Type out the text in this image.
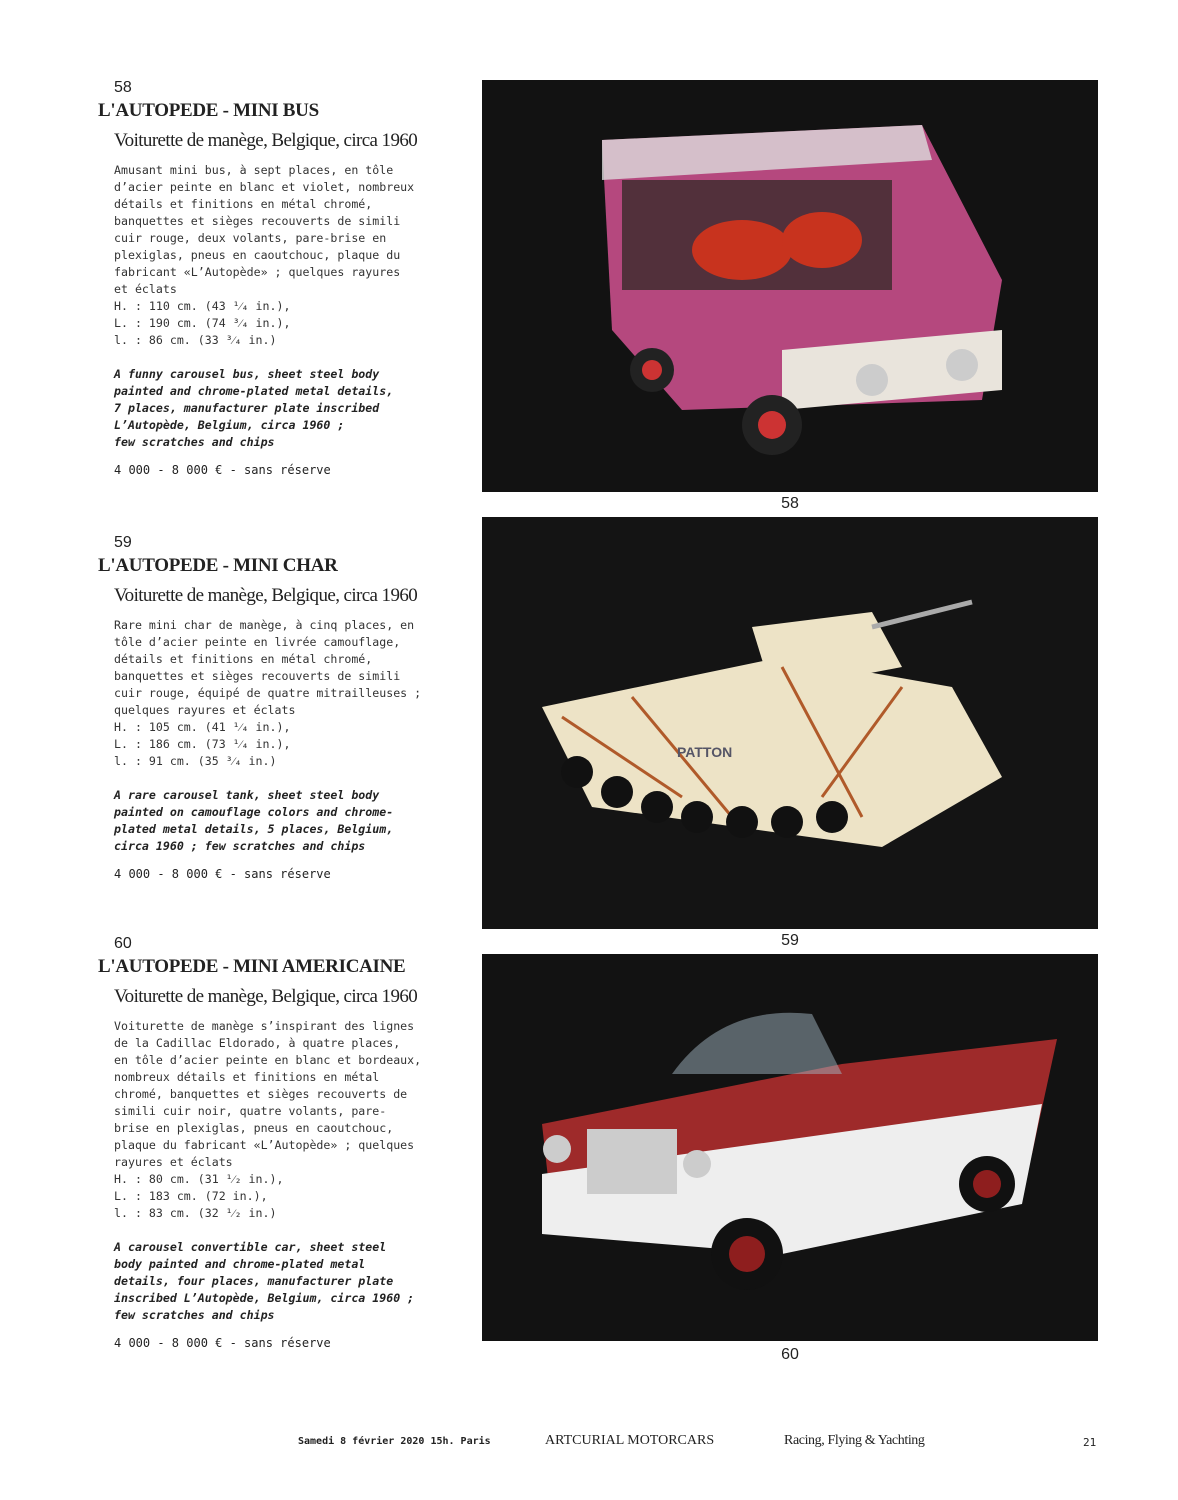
58
L'AUTOPEDE - MINI BUS
Voiturette de manège, Belgique, circa 1960
Amusant mini bus, à sept places, en tôle
d’acier peinte en blanc et violet, nombreux
détails et finitions en métal chromé,
banquettes et sièges recouverts de simili
cuir rouge, deux volants, pare-brise en
plexiglas, pneus en caoutchouc, plaque du
fabricant «L’Autopède» ; quelques rayures
et éclats
H. : 110 cm. (43 ¹⁄₄ in.),
L. : 190 cm. (74 ³⁄₄ in.),
l. : 86 cm. (33 ³⁄₄ in.)
A funny carousel bus, sheet steel body
painted and chrome-plated metal details,
7 places, manufacturer plate inscribed
L’Autopède, Belgium, circa 1960 ;
few scratches and chips
4 000 - 8 000 € - sans réserve
59
L'AUTOPEDE - MINI CHAR
Voiturette de manège, Belgique, circa 1960
Rare mini char de manège, à cinq places, en
tôle d’acier peinte en livrée camouflage,
détails et finitions en métal chromé,
banquettes et sièges recouverts de simili
cuir rouge, équipé de quatre mitrailleuses ;
quelques rayures et éclats
H. : 105 cm. (41 ¹⁄₄ in.),
L. : 186 cm. (73 ¹⁄₄ in.),
l. : 91 cm. (35 ³⁄₄ in.)
A rare carousel tank, sheet steel body
painted on camouflage colors and chrome-
plated metal details, 5 places, Belgium,
circa 1960 ; few scratches and chips
4 000 - 8 000 € - sans réserve
60
L'AUTOPEDE - MINI AMERICAINE
Voiturette de manège, Belgique, circa 1960
Voiturette de manège s’inspirant des lignes
de la Cadillac Eldorado, à quatre places,
en tôle d’acier peinte en blanc et bordeaux,
nombreux détails et finitions en métal
chromé, banquettes et sièges recouverts de
simili cuir noir, quatre volants, pare-
brise en plexiglas, pneus en caoutchouc,
plaque du fabricant «L’Autopède» ; quelques
rayures et éclats
H. : 80 cm. (31 ¹⁄₂ in.),
L. : 183 cm. (72 in.),
l. : 83 cm. (32 ¹⁄₂ in.)
A carousel convertible car, sheet steel
body painted and chrome-plated metal
details, four places, manufacturer plate
inscribed L’Autopède, Belgium, circa 1960 ;
few scratches and chips
4 000 - 8 000 € - sans réserve
58
PATTON
59
60
Samedi 8 février 2020 15h. Paris	ARTCURIAL MOTORCARS	Racing, Flying & Yachting	21
